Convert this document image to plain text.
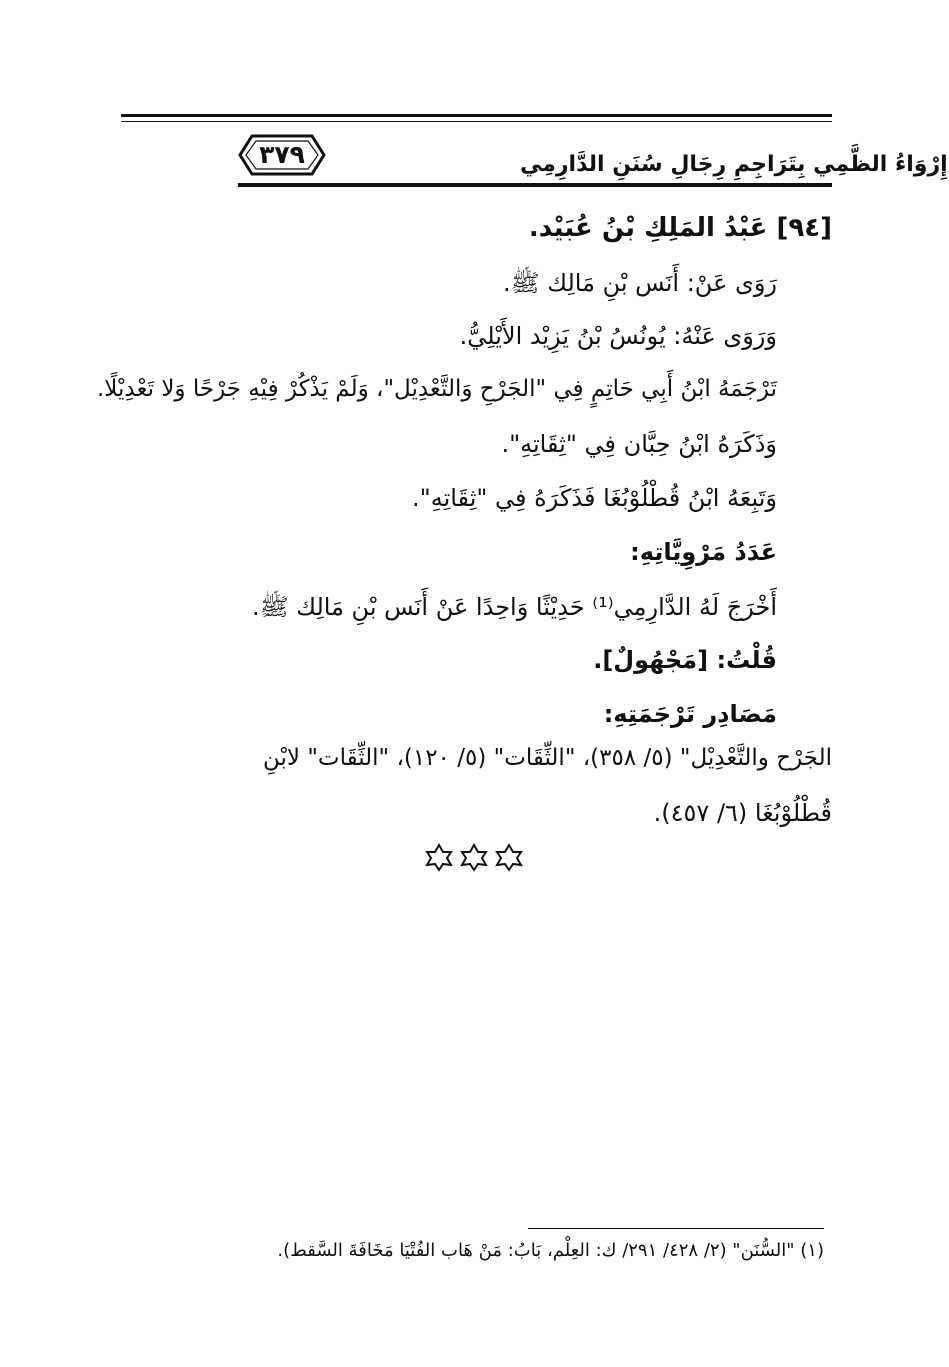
٣٧٩	إِرْوَاءُ الظَّمِي بِتَرَاجِمِ رِجَالِ سُنَنِ الدَّارِمِي
[٩٤] عَبْدُ المَلِكِ بْنُ عُبَيْد.
رَوَى عَنْ: أَنَس بْنِ مَالِك ﷺ.
وَرَوَى عَنْهُ: يُونُسُ بْنُ يَزِيْد الأَيْلِيُّ.
تَرْجَمَهُ ابْنُ أَبِي حَاتِمٍ فِي "الجَرْحِ وَالتَّعْدِيْل"، وَلَمْ يَذْكُرْ فِيْهِ جَرْحًا وَلا تَعْدِيْلًا.
وَذَكَرَهُ ابْنُ حِبَّان فِي "ثِقَاتِهِ".
وَتَبِعَهُ ابْنُ قُطْلُوْبُغَا فَذَكَرَهُ فِي "ثِقَاتِهِ".
عَدَدُ مَرْوِيَّاتِهِ:
أَخْرَجَ لَهُ الدَّارِمِي⁽¹⁾ حَدِيْثًا وَاحِدًا عَنْ أَنَس بْنِ مَالِك ﷺ.
قُلْتُ: [مَجْهُولٌ].
مَصَادِر تَرْجَمَتِهِ:
الجَرْح والتَّعْدِيْل" (٥/ ٣٥٨)، "الثِّقَات" (٥/ ١٢٠)، "الثِّقَات" لابْنِ
قُطْلُوْبُغَا (٦/ ٤٥٧).
(١) "السُّنَن" (٢/ ٤٢٨/ ٢٩١/ ك: العِلْم، بَابُ: مَنْ هَاب الفُتْيَا مَخَافَةَ السَّقط).
